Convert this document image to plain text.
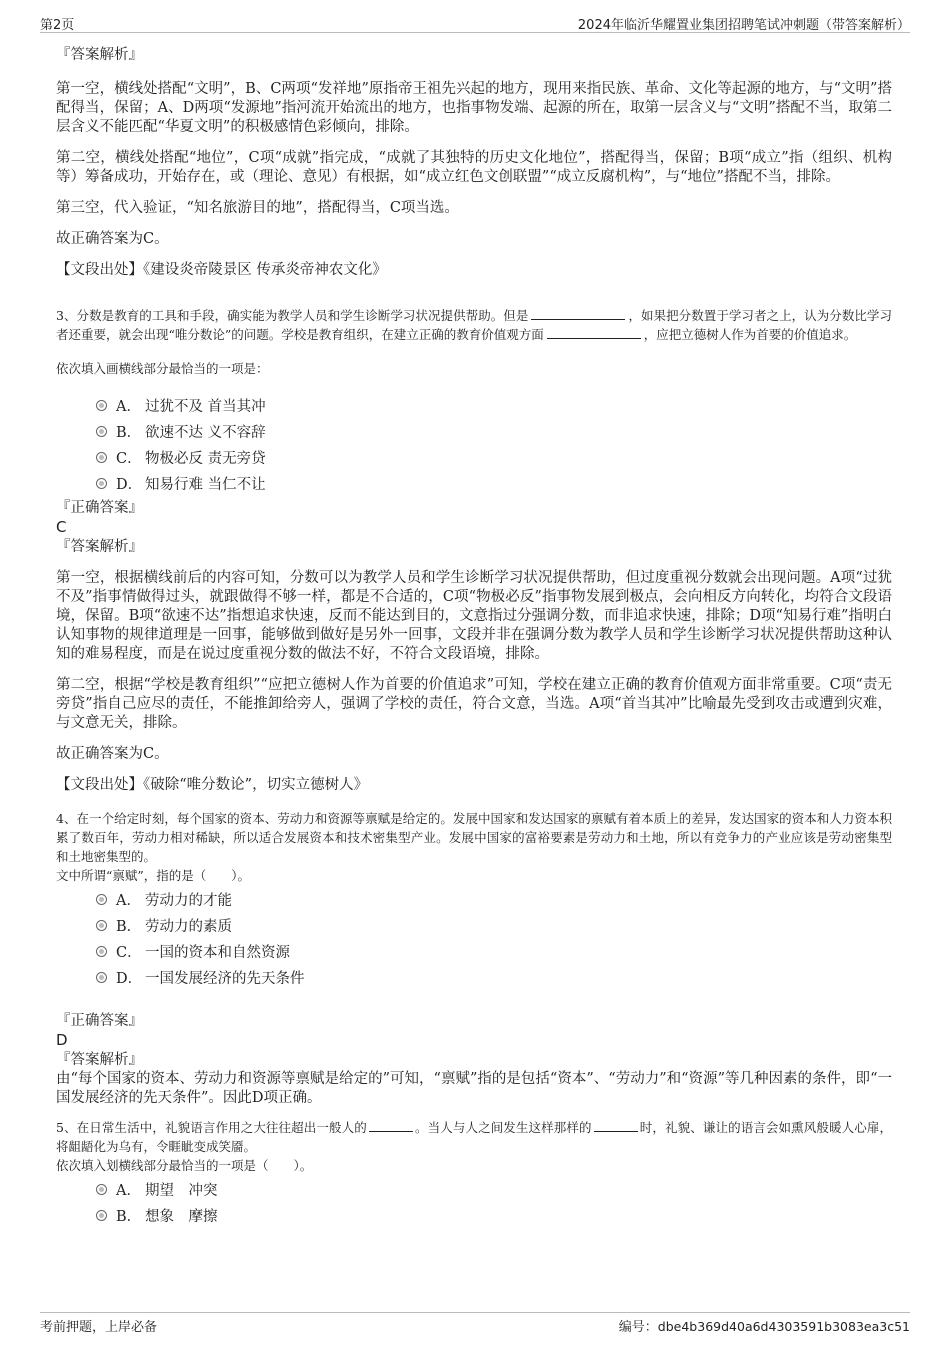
第2页	2024年临沂华耀置业集团招聘笔试冲刺题（带答案解析）
『答案解析』

第一空，横线处搭配“文明”，B、C两项“发祥地”原指帝王祖先兴起的地方，现用来指民族、革命、文化等起源的地方，与“文明”搭配得当，保留；A、D两项“发源地”指河流开始流出的地方，也指事物发端、起源的所在，取第一层含义与“文明”搭配不当，取第二层含义不能匹配“华夏文明”的积极感情色彩倾向，排除。

第二空，横线处搭配“地位”，C项“成就”指完成，“成就了其独特的历史文化地位”，搭配得当，保留；B项“成立”指（组织、机构等）筹备成功，开始存在，或（理论、意见）有根据，如“成立红色文创联盟”“成立反腐机构”，与“地位”搭配不当，排除。

第三空，代入验证，“知名旅游目的地”，搭配得当，C项当选。

故正确答案为C。

【文段出处】《建设炎帝陵景区 传承炎帝神农文化》

3、分数是教育的工具和手段，确实能为教学人员和学生诊断学习状况提供帮助。但是	，如果把分数置于学习者之上，认为分数比学习者还重要，就会出现“唯分数论”的问题。学校是教育组织，在建立正确的教育价值观方面	，应把立德树人作为首要的价值追求。

依次填入画横线部分最恰当的一项是：

A． 过犹不及 首当其冲
B． 欲速不达 义不容辞
C． 物极必反 责无旁贷
D． 知易行难 当仁不让
『正确答案』
C
『答案解析』

第一空，根据横线前后的内容可知，分数可以为教学人员和学生诊断学习状况提供帮助，但过度重视分数就会出现问题。A项“过犹不及”指事情做得过头，就跟做得不够一样，都是不合适的，C项“物极必反”指事物发展到极点，会向相反方向转化，均符合文段语境，保留。B项“欲速不达”指想追求快速，反而不能达到目的，文意指过分强调分数，而非追求快速，排除；D项“知易行难”指明白认知事物的规律道理是一回事，能够做到做好是另外一回事，文段并非在强调分数为教学人员和学生诊断学习状况提供帮助这种认知的难易程度，而是在说过度重视分数的做法不好，不符合文段语境，排除。

第二空，根据“学校是教育组织”“应把立德树人作为首要的价值追求”可知，学校在建立正确的教育价值观方面非常重要。C项“责无旁贷”指自己应尽的责任，不能推卸给旁人，强调了学校的责任，符合文意，当选。A项“首当其冲”比喻最先受到攻击或遭到灾难，与文意无关，排除。

故正确答案为C。

【文段出处】《破除“唯分数论”，切实立德树人》

4、在一个给定时刻，每个国家的资本、劳动力和资源等禀赋是给定的。发展中国家和发达国家的禀赋有着本质上的差异，发达国家的资本和人力资本积累了数百年，劳动力相对稀缺，所以适合发展资本和技术密集型产业。发展中国家的富裕要素是劳动力和土地，所以有竞争力的产业应该是劳动密集型和土地密集型的。

文中所谓“禀赋”，指的是（　　）。

A． 劳动力的才能
B． 劳动力的素质
C． 一国的资本和自然资源
D． 一国发展经济的先天条件
『正确答案』
D
『答案解析』

由“每个国家的资本、劳动力和资源等禀赋是给定的”可知，“禀赋”指的是包括“资本”、“劳动力”和“资源”等几种因素的条件，即“一国发展经济的先天条件”。因此D项正确。

5、在日常生活中，礼貌语言作用之大往往超出一般人的	。当人与人之间发生这样那样的	时，礼貌、谦让的语言会如熏风般暖人心扉，将龃龉化为乌有，令睚眦变成笑靥。

依次填入划横线部分最恰当的一项是（　　）。

A． 期望　冲突
B． 想象　摩擦
考前押题，上岸必备	编号：dbe4b369d40a6d4303591b3083ea3c51
